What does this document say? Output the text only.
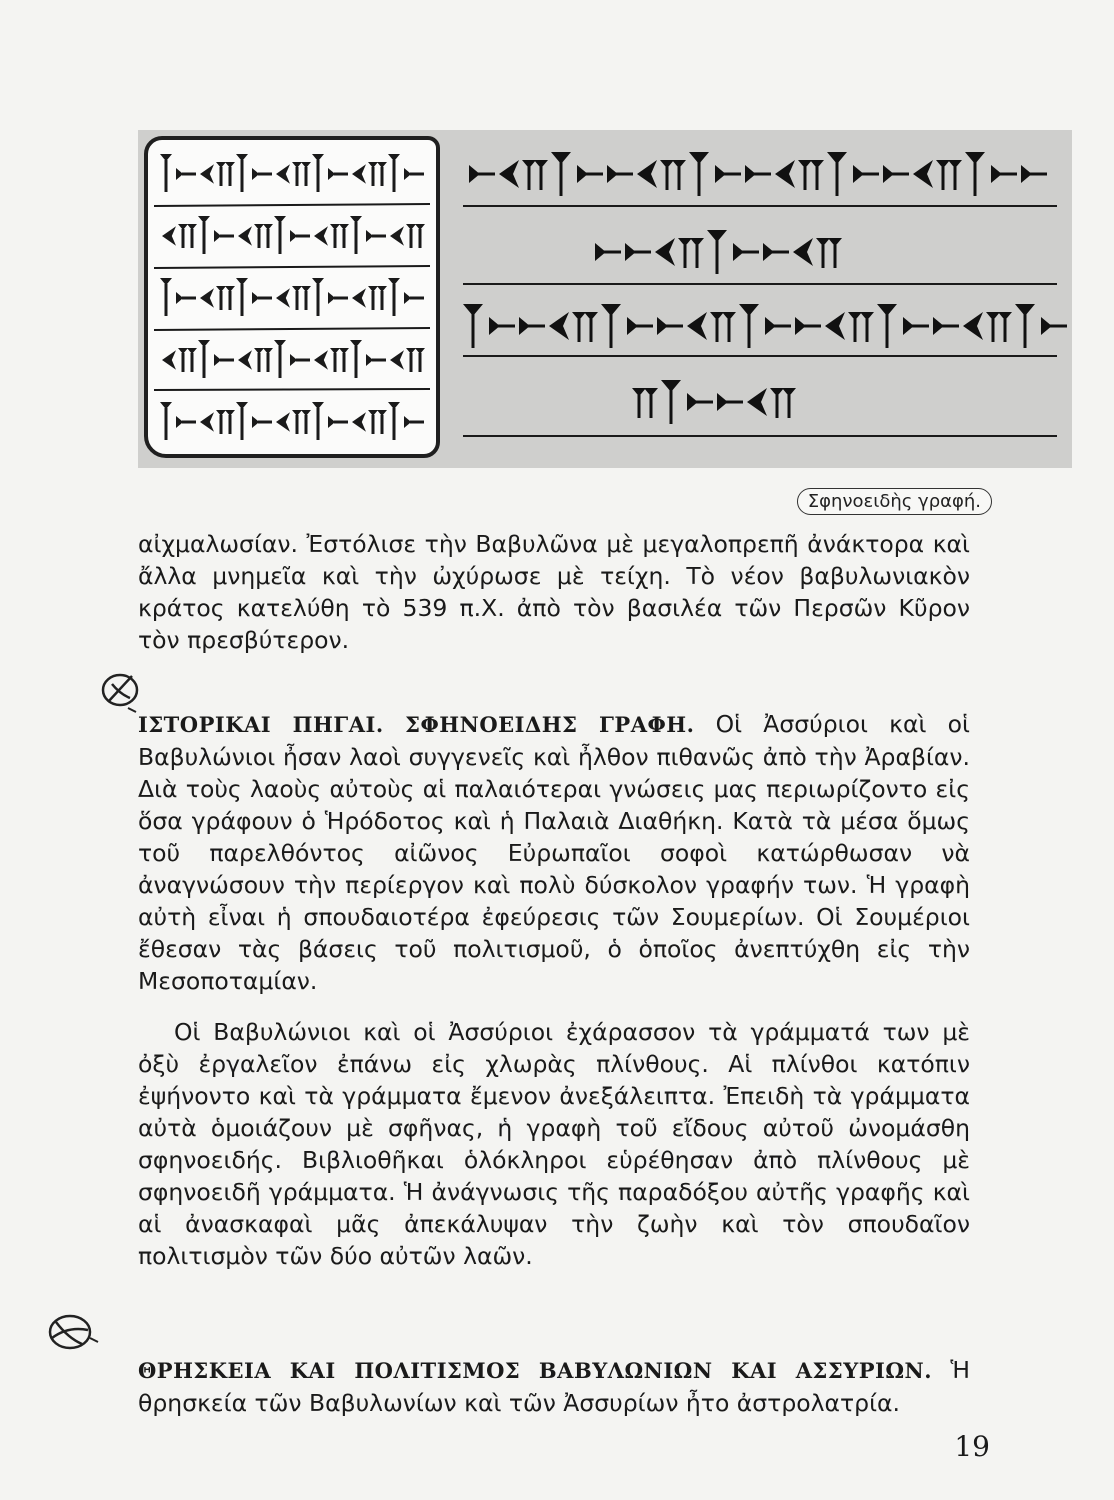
Σφηνοειδὴς γραφή.

αἰχμαλωσίαν. Ἐστόλισε τὴν Βαβυλῶνα μὲ μεγαλοπρεπῆ ἀνάκτορα καὶ ἄλλα μνημεῖα καὶ τὴν ὠχύρωσε μὲ τείχη. Τὸ νέον βαβυλωνιακὸν κράτος κατελύθη τὸ 539 π.Χ. ἀπὸ τὸν βασιλέα τῶν Περσῶν Κῦρον τὸν πρεσβύτερον.

ΙΣΤΟΡΙΚΑΙ ΠΗΓΑΙ. ΣΦΗΝΟΕΙΔΗΣ ΓΡΑΦΗ. Οἱ Ἀσσύριοι καὶ οἱ Βαβυλώνιοι ἦσαν λαοὶ συγγενεῖς καὶ ἦλθον πιθανῶς ἀπὸ τὴν Ἀραβίαν. Διὰ τοὺς λαοὺς αὐτοὺς αἱ παλαιότεραι γνώσεις μας περιωρίζοντο εἰς ὅσα γράφουν ὁ Ἡρόδοτος καὶ ἡ Παλαιὰ Διαθήκη. Κατὰ τὰ μέσα ὅμως τοῦ παρελθόντος αἰῶνος Εὐρωπαῖοι σοφοὶ κατώρθωσαν νὰ ἀναγνώσουν τὴν περίεργον καὶ πολὺ δύσκολον γραφήν των. Ἡ γραφὴ αὐτὴ εἶναι ἡ σπουδαιοτέρα ἐφεύρεσις τῶν Σουμερίων. Οἱ Σουμέριοι ἔθεσαν τὰς βάσεις τοῦ πολιτισμοῦ, ὁ ὁποῖος ἀνεπτύχθη εἰς τὴν Μεσοποταμίαν.

Οἱ Βαβυλώνιοι καὶ οἱ Ἀσσύριοι ἐχάρασσον τὰ γράμματά των μὲ ὀξὺ ἐργαλεῖον ἐπάνω εἰς χλωρὰς πλίνθους. Αἱ πλίνθοι κατόπιν ἐψήνοντο καὶ τὰ γράμματα ἔμενον ἀνεξάλειπτα. Ἐπειδὴ τὰ γράμματα αὐτὰ ὁμοιάζουν μὲ σφῆνας, ἡ γραφὴ τοῦ εἴδους αὐτοῦ ὠνομάσθη σφηνοειδής. Βιβλιοθῆκαι ὁλόκληροι εὑρέθησαν ἀπὸ πλίνθους μὲ σφηνοειδῆ γράμματα. Ἡ ἀνάγνωσις τῆς παραδόξου αὐτῆς γραφῆς καὶ αἱ ἀνασκαφαὶ μᾶς ἀπεκάλυψαν τὴν ζωὴν καὶ τὸν σπουδαῖον πολιτισμὸν τῶν δύο αὐτῶν λαῶν.

ΘΡΗΣΚΕΙΑ ΚΑΙ ΠΟΛΙΤΙΣΜΟΣ ΒΑΒΥΛΩΝΙΩΝ ΚΑΙ ΑΣΣΥΡΙΩΝ. Ἡ θρησκεία τῶν Βαβυλωνίων καὶ τῶν Ἀσσυρίων ἦτο ἀστρολατρία.

19
